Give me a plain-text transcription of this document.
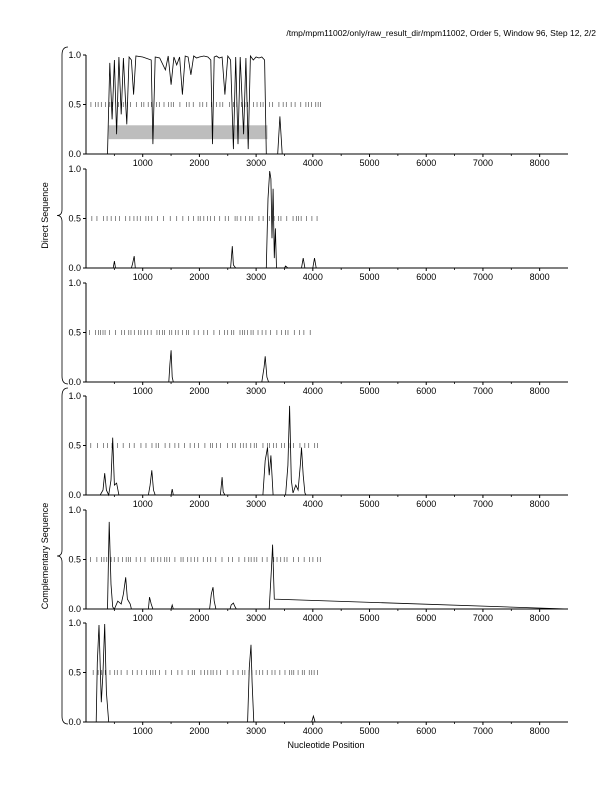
/tmp/mpm11002/only/raw_result_dir/mpm11002, Order 5, Window 96, Step 12, 2/2
0.0
0.5
1.0
1000	2000	3000	4000	5000	6000	7000	8000
0.0
0.5
1.0
1000	2000	3000	4000	5000	6000	7000	8000
0.0
0.5
1.0
1000	2000	3000	4000	5000	6000	7000	8000
0.0
0.5
1.0
1000	2000	3000	4000	5000	6000	7000	8000
0.0
0.5
1.0
1000	2000	3000	4000	5000	6000	7000	8000
0.0
0.5
1.0
1000	2000	3000	4000	5000	6000	7000	8000
Direct Sequence
Complementary Sequence
Nucleotide Position
